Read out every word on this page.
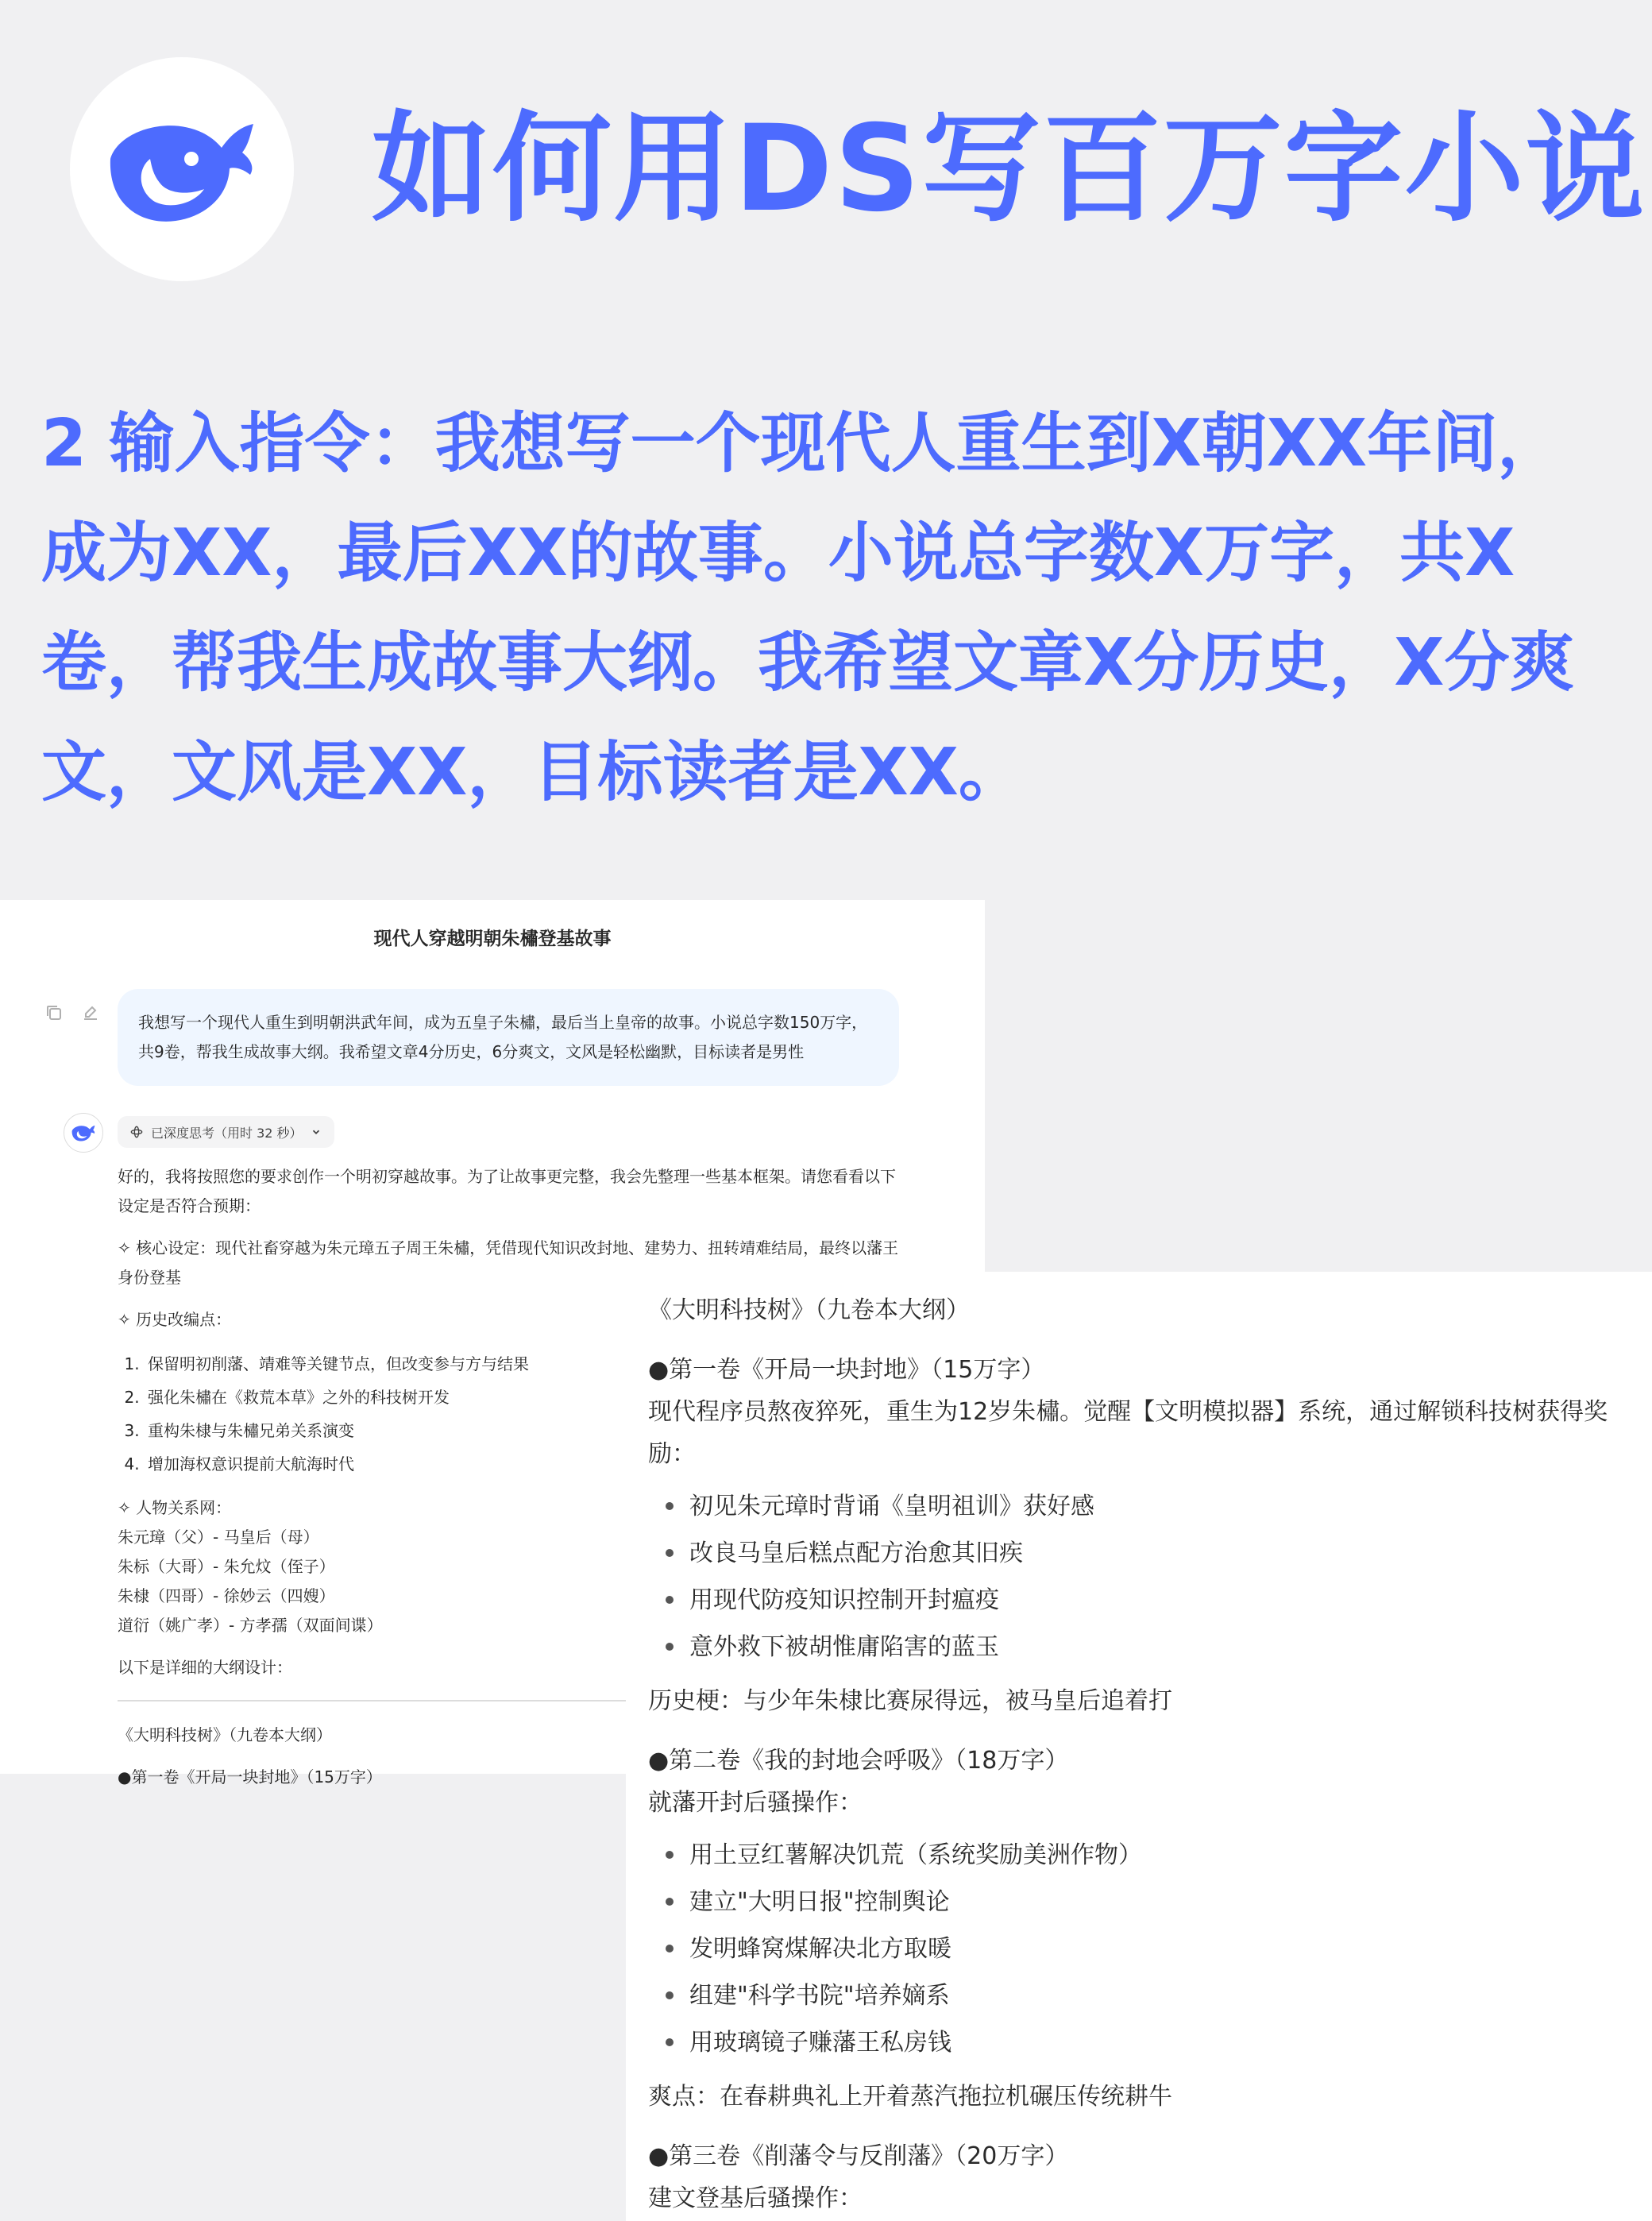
如何用DS写百万字小说
2 输入指令：我想写一个现代人重生到X朝XX年间，成为XX，最后XX的故事。小说总字数X万字，共X卷，帮我生成故事大纲。我希望文章X分历史，X分爽文，文风是XX，目标读者是XX。
现代人穿越明朝朱橚登基故事
我想写一个现代人重生到明朝洪武年间，成为五皇子朱橚，最后当上皇帝的故事。小说总字数150万字，共9卷，帮我生成故事大纲。我希望文章4分历史，6分爽文，文风是轻松幽默，目标读者是男性
已深度思考（用时 32 秒）

好的，我将按照您的要求创作一个明初穿越故事。为了让故事更完整，我会先整理一些基本框架。请您看看以下设定是否符合预期：

✧ 核心设定：现代社畜穿越为朱元璋五子周王朱橚，凭借现代知识改封地、建势力、扭转靖难结局，最终以藩王身份登基

✧ 历史改编点：

1. 保留明初削藩、靖难等关键节点，但改变参与方与结果
2. 强化朱橚在《救荒本草》之外的科技树开发
3. 重构朱棣与朱橚兄弟关系演变
4. 增加海权意识提前大航海时代

✧ 人物关系网：

朱元璋（父）- 马皇后（母）

朱标（大哥）- 朱允炆（侄子）

朱棣（四哥）- 徐妙云（四嫂）

道衍（姚广孝）- 方孝孺（双面间谍）

以下是详细的大纲设计：

《大明科技树》（九卷本大纲）

●第一卷《开局一块封地》（15万字）

《大明科技树》（九卷本大纲）

●第一卷《开局一块封地》（15万字）

现代程序员熬夜猝死，重生为12岁朱橚。觉醒【文明模拟器】系统，通过解锁科技树获得奖励：

初见朱元璋时背诵《皇明祖训》获好感
改良马皇后糕点配方治愈其旧疾
用现代防疫知识控制开封瘟疫
意外救下被胡惟庸陷害的蓝玉

历史梗：与少年朱棣比赛尿得远，被马皇后追着打

●第二卷《我的封地会呼吸》（18万字）

就藩开封后骚操作：

用土豆红薯解决饥荒（系统奖励美洲作物）
建立"大明日报"控制舆论
发明蜂窝煤解决北方取暖
组建"科学书院"培养嫡系
用玻璃镜子赚藩王私房钱

爽点：在春耕典礼上开着蒸汽拖拉机碾压传统耕牛

●第三卷《削藩令与反削藩》（20万字）

建文登基后骚操作：
